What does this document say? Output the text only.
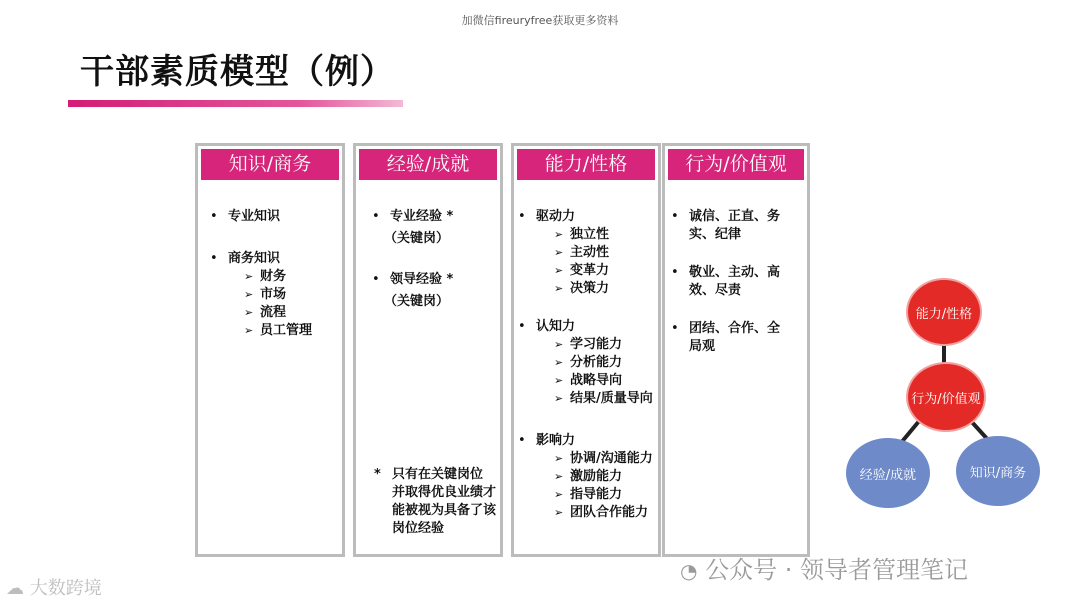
加微信fireuryfree获取更多资料
干部素质模型（例）
知识/商务
• 专业知识
• 商务知识
➢ 财务
➢ 市场
➢ 流程
➢ 员工管理
经验/成就
• 专业经验 *
（关键岗）
• 领导经验 *
（关键岗）
* 只有在关键岗位
并取得优良业绩才
能被视为具备了该
岗位经验
能力/性格
• 驱动力
➢ 独立性
➢ 主动性
➢ 变革力
➢ 决策力
• 认知力
➢ 学习能力
➢ 分析能力
➢ 战略导向
➢ 结果/质量导向
• 影响力
➢ 协调/沟通能力
➢ 激励能力
➢ 指导能力
➢ 团队合作能力
行为/价值观
• 诚信、正直、务
实、纪律
• 敬业、主动、高
效、尽责
• 团结、合作、全
局观
能力/性格
行为/价值观
经验/成就	知识/商务
◔ 公众号 · 领导者管理笔记
☁ 大数跨境
